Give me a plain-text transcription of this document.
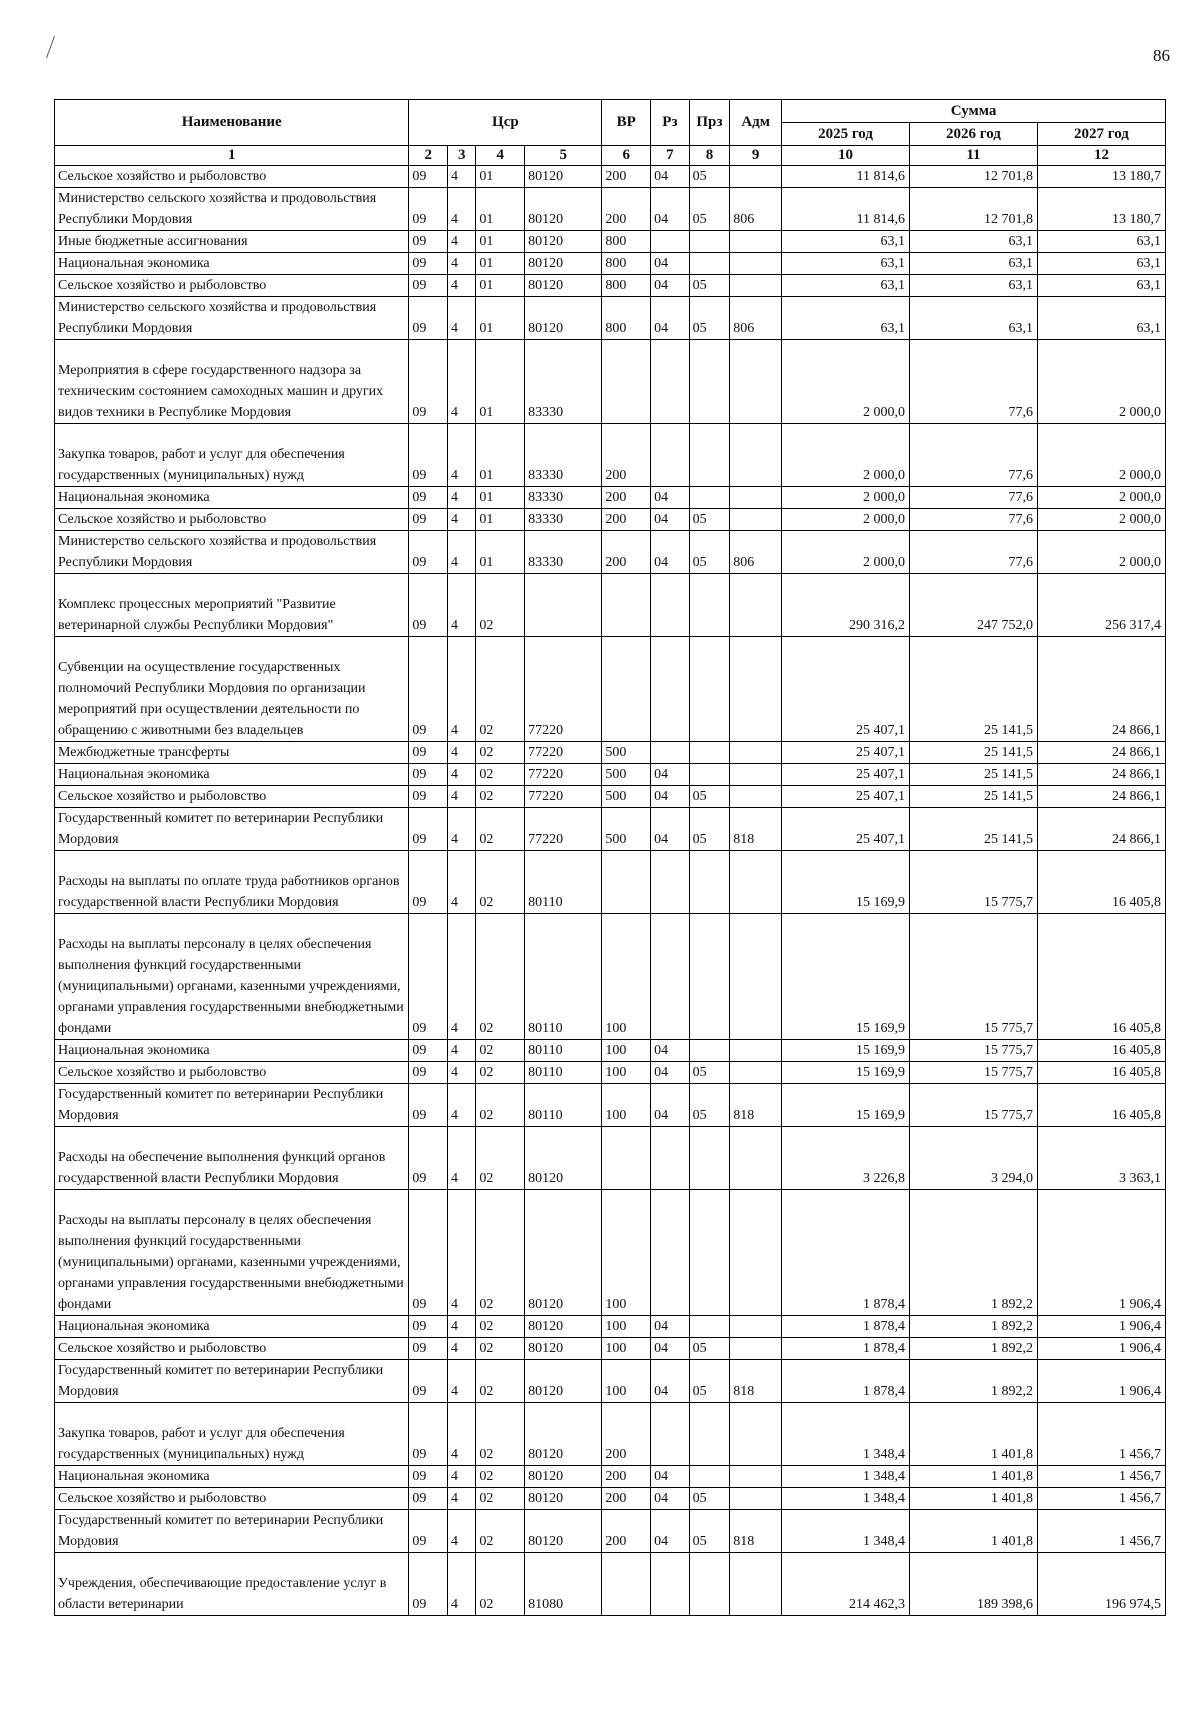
86
Наименование	Цср				ВР	Рз	Прз	Адм	Сумма		
									2025 год	2026 год	2027 год
1	2	3	4	5	6	7	8	9	10	11	12
Сельское хозяйство и рыболовство	09	4	01	80120	200	04	05		11 814,6	12 701,8	13 180,7
Министерство сельского хозяйства и продовольствия Республики Мордовия	09	4	01	80120	200	04	05	806	11 814,6	12 701,8	13 180,7
Иные бюджетные ассигнования	09	4	01	80120	800				63,1	63,1	63,1
Национальная экономика	09	4	01	80120	800	04			63,1	63,1	63,1
Сельское хозяйство и рыболовство	09	4	01	80120	800	04	05		63,1	63,1	63,1
Министерство сельского хозяйства и продовольствия Республики Мордовия	09	4	01	80120	800	04	05	806	63,1	63,1	63,1
Мероприятия в сфере государственного надзора за техническим состоянием самоходных машин и других видов техники в Республике Мордовия	09	4	01	83330					2 000,0	77,6	2 000,0
Закупка товаров, работ и услуг для обеспечения государственных (муниципальных) нужд	09	4	01	83330	200				2 000,0	77,6	2 000,0
Национальная экономика	09	4	01	83330	200	04			2 000,0	77,6	2 000,0
Сельское хозяйство и рыболовство	09	4	01	83330	200	04	05		2 000,0	77,6	2 000,0
Министерство сельского хозяйства и продовольствия Республики Мордовия	09	4	01	83330	200	04	05	806	2 000,0	77,6	2 000,0
Комплекс процессных мероприятий "Развитие ветеринарной службы Республики Мордовия"	09	4	02						290 316,2	247 752,0	256 317,4
Субвенции на осуществление государственных полномочий Республики Мордовия по организации мероприятий при осуществлении деятельности по обращению с животными без владельцев	09	4	02	77220					25 407,1	25 141,5	24 866,1
Межбюджетные трансферты	09	4	02	77220	500				25 407,1	25 141,5	24 866,1
Национальная экономика	09	4	02	77220	500	04			25 407,1	25 141,5	24 866,1
Сельское хозяйство и рыболовство	09	4	02	77220	500	04	05		25 407,1	25 141,5	24 866,1
Государственный комитет по ветеринарии Республики Мордовия	09	4	02	77220	500	04	05	818	25 407,1	25 141,5	24 866,1
Расходы на выплаты по оплате труда работников органов государственной власти Республики Мордовия	09	4	02	80110					15 169,9	15 775,7	16 405,8
Расходы на выплаты персоналу в целях обеспечения выполнения функций государственными (муниципальными) органами, казенными учреждениями, органами управления государственными внебюджетными фондами	09	4	02	80110	100				15 169,9	15 775,7	16 405,8
Национальная экономика	09	4	02	80110	100	04			15 169,9	15 775,7	16 405,8
Сельское хозяйство и рыболовство	09	4	02	80110	100	04	05		15 169,9	15 775,7	16 405,8
Государственный комитет по ветеринарии Республики Мордовия	09	4	02	80110	100	04	05	818	15 169,9	15 775,7	16 405,8
Расходы на обеспечение выполнения функций органов государственной власти Республики Мордовия	09	4	02	80120					3 226,8	3 294,0	3 363,1
Расходы на выплаты персоналу в целях обеспечения выполнения функций государственными (муниципальными) органами, казенными учреждениями, органами управления государственными внебюджетными фондами	09	4	02	80120	100				1 878,4	1 892,2	1 906,4
Национальная экономика	09	4	02	80120	100	04			1 878,4	1 892,2	1 906,4
Сельское хозяйство и рыболовство	09	4	02	80120	100	04	05		1 878,4	1 892,2	1 906,4
Государственный комитет по ветеринарии Республики Мордовия	09	4	02	80120	100	04	05	818	1 878,4	1 892,2	1 906,4
Закупка товаров, работ и услуг для обеспечения государственных (муниципальных) нужд	09	4	02	80120	200				1 348,4	1 401,8	1 456,7
Национальная экономика	09	4	02	80120	200	04			1 348,4	1 401,8	1 456,7
Сельское хозяйство и рыболовство	09	4	02	80120	200	04	05		1 348,4	1 401,8	1 456,7
Государственный комитет по ветеринарии Республики Мордовия	09	4	02	80120	200	04	05	818	1 348,4	1 401,8	1 456,7
Учреждения, обеспечивающие предоставление услуг в области ветеринарии	09	4	02	81080					214 462,3	189 398,6	196 974,5
